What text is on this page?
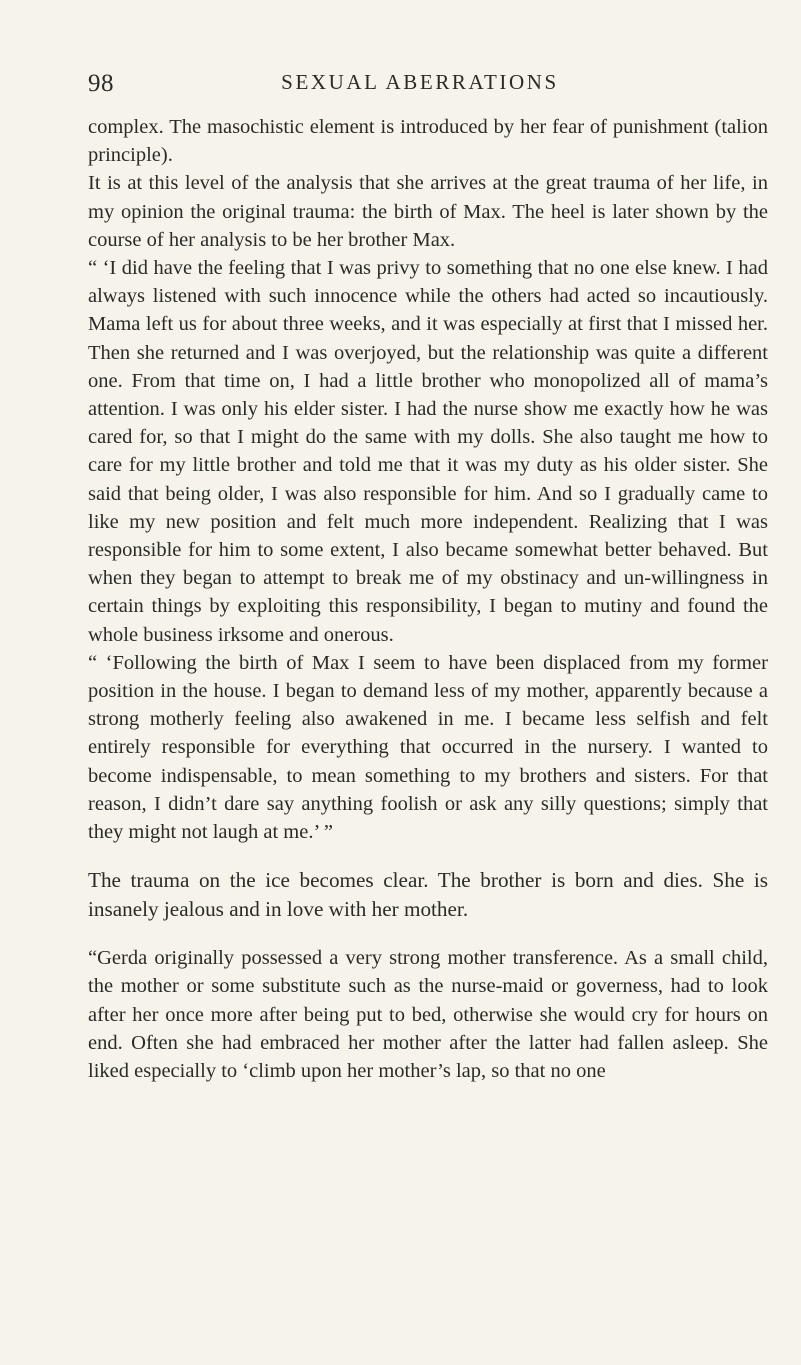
98	SEXUAL ABERRATIONS

complex. The masochistic element is introduced by her fear of punishment (talion principle).

It is at this level of the analysis that she arrives at the great trauma of her life, in my opinion the original trauma: the birth of Max. The heel is later shown by the course of her analysis to be her brother Max.

“ ‘I did have the feeling that I was privy to something that no one else knew. I had always listened with such innocence while the others had acted so incautiously. Mama left us for about three weeks, and it was especially at first that I missed her. Then she returned and I was overjoyed, but the relationship was quite a different one. From that time on, I had a little brother who monopolized all of mama’s attention. I was only his elder sister. I had the nurse show me exactly how he was cared for, so that I might do the same with my dolls. She also taught me how to care for my little brother and told me that it was my duty as his older sister. She said that being older, I was also responsible for him. And so I gradually came to like my new position and felt much more independent. Realizing that I was responsible for him to some extent, I also became somewhat better behaved. But when they began to attempt to break me of my obstinacy and un-willingness in certain things by exploiting this responsibility, I began to mutiny and found the whole business irksome and onerous.

“ ‘Following the birth of Max I seem to have been displaced from my former position in the house. I began to demand less of my mother, apparently because a strong motherly feeling also awakened in me. I became less selfish and felt entirely responsible for everything that occurred in the nursery. I wanted to become indispensable, to mean something to my brothers and sisters. For that reason, I didn’t dare say anything foolish or ask any silly questions; simply that they might not laugh at me.’ ”

The trauma on the ice becomes clear. The brother is born and dies. She is insanely jealous and in love with her mother.

“Gerda originally possessed a very strong mother transference. As a small child, the mother or some substitute such as the nurse-maid or governess, had to look after her once more after being put to bed, otherwise she would cry for hours on end. Often she had embraced her mother after the latter had fallen asleep. She liked especially to ‘climb upon her mother’s lap, so that no one
